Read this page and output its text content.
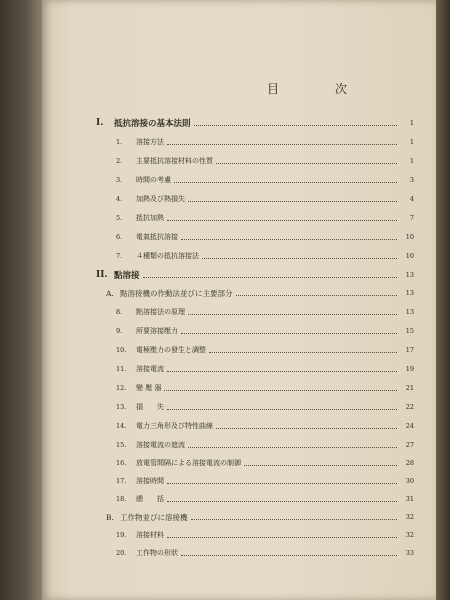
目　次
I.	抵抗溶接の基本法則	1
1.	溶接方法	1
2.	主要抵抗溶接材料の性質	1
3.	時間の考慮	3
4.	加熱及び熱損失	4
5.	抵抗加熱	7
6.	電氣抵抗溶接	10
7.	４種類の抵抗溶接法	10
II. 點溶接	13
A. 點溶接機の作動法並びに主要部分	13
8.	點溶接法の原理	13
9.	所要溶接壓力	15
10.	電極壓力の發生と調整	17
11.	溶接電流	19
12.	變 壓 器	21
13.	損　　失	22
14.	電力三角形及び特性曲線	24
15.	溶接電流の遮流	27
16.	放電管間隔による溶接電流の制御	28
17.	溶接時間	30
18.	總　　括	31
B. 工作物並びに溶接機	32
19.	溶接材料	32
20.	工作物の形狀	33
